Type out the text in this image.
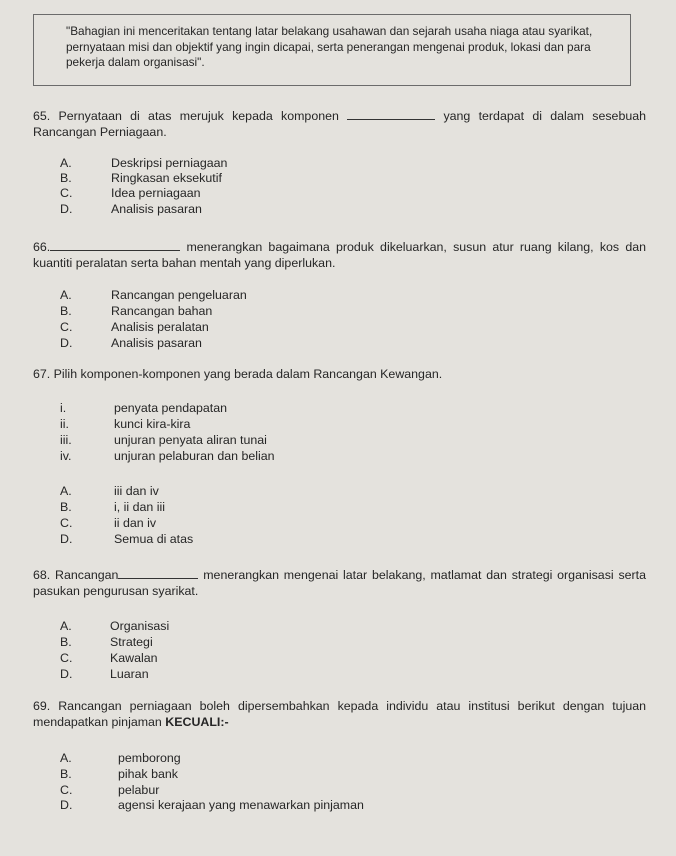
"Bahagian ini menceritakan tentang latar belakang usahawan dan sejarah usaha niaga atau syarikat, pernyataan misi dan objektif yang ingin dicapai, serta penerangan mengenai produk, lokasi dan para pekerja dalam organisasi".
65. Pernyataan di atas merujuk kepada komponen	yang terdapat di dalam sesebuah Rancangan Perniagaan.
A.	Deskripsi perniagaan
B.	Ringkasan eksekutif
C.	Idea perniagaan
D.	Analisis pasaran
66.	menerangkan bagaimana produk dikeluarkan, susun atur ruang kilang, kos dan kuantiti peralatan serta bahan mentah yang diperlukan.
A.	Rancangan pengeluaran
B.	Rancangan bahan
C.	Analisis peralatan
D.	Analisis pasaran
67. Pilih komponen-komponen yang berada dalam Rancangan Kewangan.
i.	penyata pendapatan
ii.	kunci kira-kira
iii.	unjuran penyata aliran tunai
iv.	unjuran pelaburan dan belian
A.	iii dan iv
B.	i, ii dan iii
C.	ii dan iv
D.	Semua di atas
68. Rancangan	menerangkan mengenai latar belakang, matlamat dan strategi organisasi serta pasukan pengurusan syarikat.
A.	Organisasi
B.	Strategi
C.	Kawalan
D.	Luaran
69. Rancangan perniagaan boleh dipersembahkan kepada individu atau institusi berikut dengan tujuan mendapatkan pinjaman KECUALI:-
A.	pemborong
B.	pihak bank
C.	pelabur
D.	agensi kerajaan yang menawarkan pinjaman
